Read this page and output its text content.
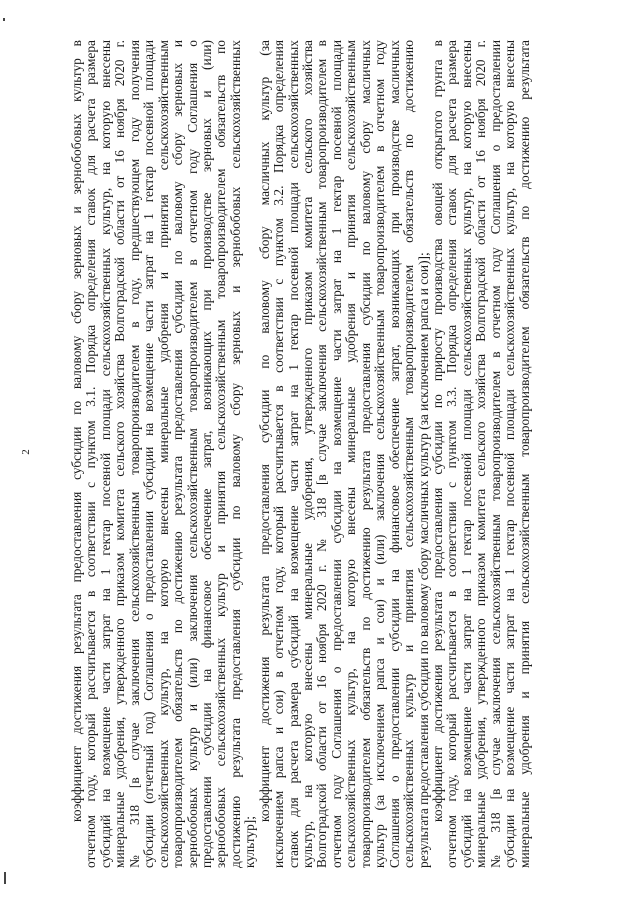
2	коэффициент достижения результата предоставления субсидии по валовому сбору зерновых и зернобобовых культур в отчетном году, который рассчитывается в соответствии с пунктом 3.1. Порядка определения ставок для расчета размера субсидий на возмещение части затрат на 1 гектар посевной площади сельскохозяйственных культур, на которую внесены минеральные удобрения, утвержденного приказом комитета сельского хозяйства Волгоградской области от 16 ноября 2020 г. № 318 [в случае заключения сельскохозяйственным товаропроизводителем в году, предшествующем году получения субсидии (отчетный год) Соглашения о предоставлении субсидии на возмещение части затрат на 1 гектар посевной площади сельскохозяйственных культур, на которую внесены минеральные удобрения и принятия сельскохозяйственным товаропроизводителем обязательств по достижению результата предоставления субсидии по валовому сбору зерновых и зернобобовых культур и (или) заключения сельскохозяйственным товаропроизводителем в отчетном году Соглашения о предоставлении субсидии на финансовое обеспечение затрат, возникающих при производстве зерновых и (или) зернобобовых сельскохозяйственных культур и принятия сельскохозяйственным товаропроизводителем обязательств по достижению результата предоставления субсидии по валовому сбору зерновых и зернобобовых сельскохозяйственных культур];
коэффициент достижения результата предоставления субсидии по валовому сбору масличных культур (за исключением рапса и сои) в отчетном году, который рассчитывается в соответствии с пунктом 3.2. Порядка определения ставок для расчета размера субсидий на возмещение части затрат на 1 гектар посевной площади сельскохозяйственных культур, на которую внесены минеральные удобрения, утвержденного приказом комитета сельского хозяйства Волгоградской области от 16 ноября 2020 г. № 318 [в случае заключения сельскохозяйственным товаропроизводителем в отчетном году Соглашения о предоставлении субсидии на возмещение части затрат на 1 гектар посевной площади сельскохозяйственных культур, на которую внесены минеральные удобрения и принятия сельскохозяйственным товаропроизводителем обязательств по достижению результата предоставления субсидии по валовому сбору масличных культур (за исключением рапса и сои) и (или) заключения сельскохозяйственным товаропроизводителем в отчетном году Соглашения о предоставлении субсидии на финансовое обеспечение затрат, возникающих при производстве масличных сельскохозяйственных культур и принятия сельскохозяйственным товаропроизводителем обязательств по достижению результата предоставления субсидии по валовому сбору масличных культур (за исключением рапса и сои)]; коэффициент достижения результата предоставления субсидии по приросту производства овощей открытого грунта в отчетном году, который рассчитывается в соответствии с пунктом 3.3. Порядка определения ставок для расчета размера субсидий на возмещение части затрат на 1 гектар посевной площади сельскохозяйственных культур, на которую внесены минеральные удобрения, утвержденного приказом комитета сельского хозяйства Волгоградской области от 16 ноября 2020 г. № 318 [в случае заключения сельскохозяйственным товаропроизводителем в отчетном году Соглашения о предоставлении субсидии на возмещение части затрат на 1 гектар посевной площади сельскохозяйственных культур, на которую внесены минеральные удобрения и принятия сельскохозяйственным товаропроизводителем обязательств по достижению результата
